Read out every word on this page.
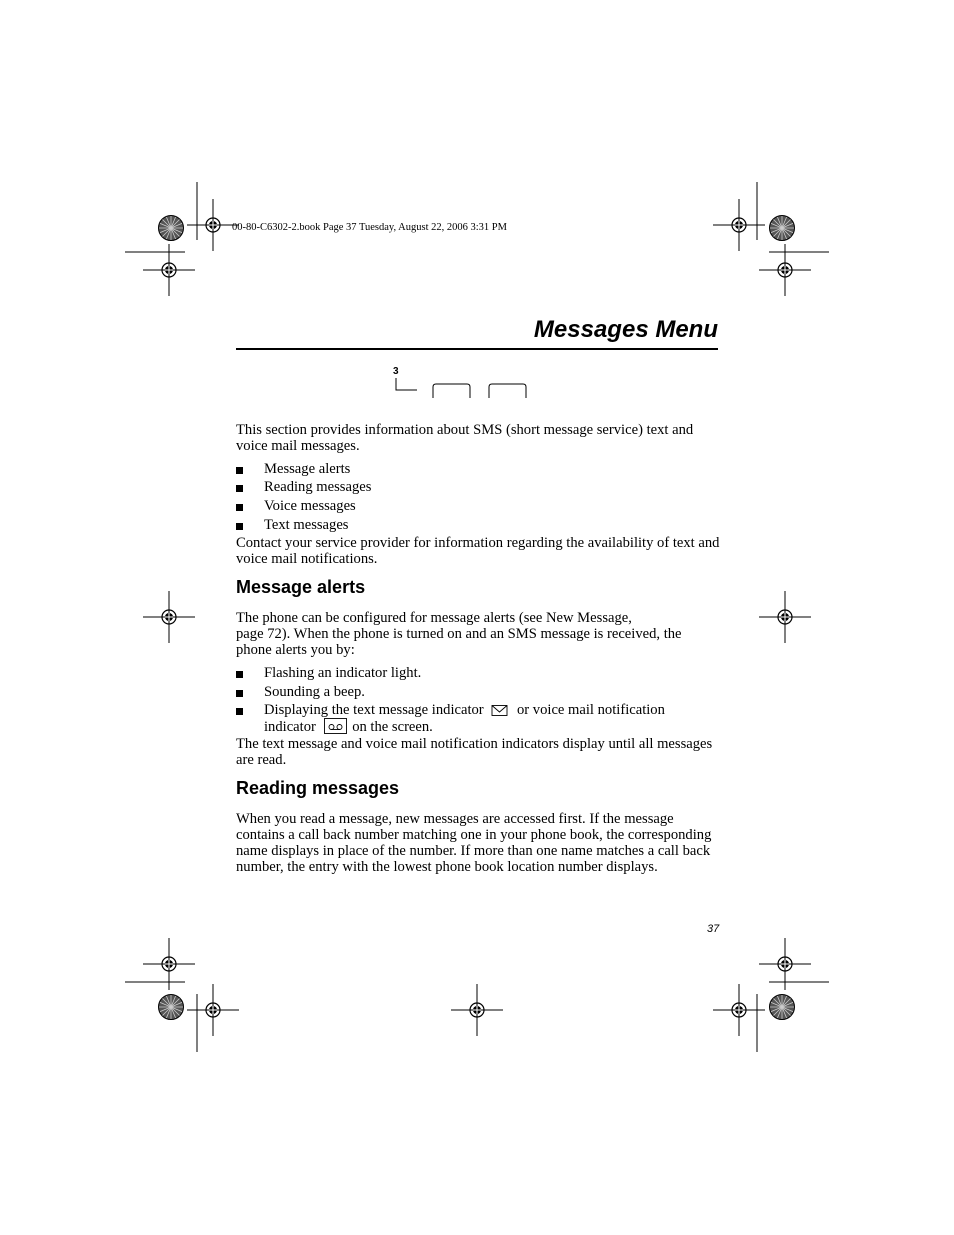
00-80-C6302-2.book Page 37 Tuesday, August 22, 2006 3:31 PM
Messages Menu
3
This section provides information about SMS (short message service) text and voice mail messages.
Message alerts
Reading messages
Voice messages
Text messages
Contact your service provider for information regarding the availability of text and voice mail notifications.
Message alerts
The phone can be configured for message alerts (see New Message,
page 72). When the phone is turned on and an SMS message is received, the
phone alerts you by:
Flashing an indicator light.
Sounding a beep.
Displaying the text message indicator or voice mail notification
indicator on the screen.
The text message and voice mail notification indicators display until all messages are read.
Reading messages
When you read a message, new messages are accessed first. If the message contains a call back number matching one in your phone book, the corresponding name displays in place of the number. If more than one name matches a call back number, the entry with the lowest phone book location number displays.
37
